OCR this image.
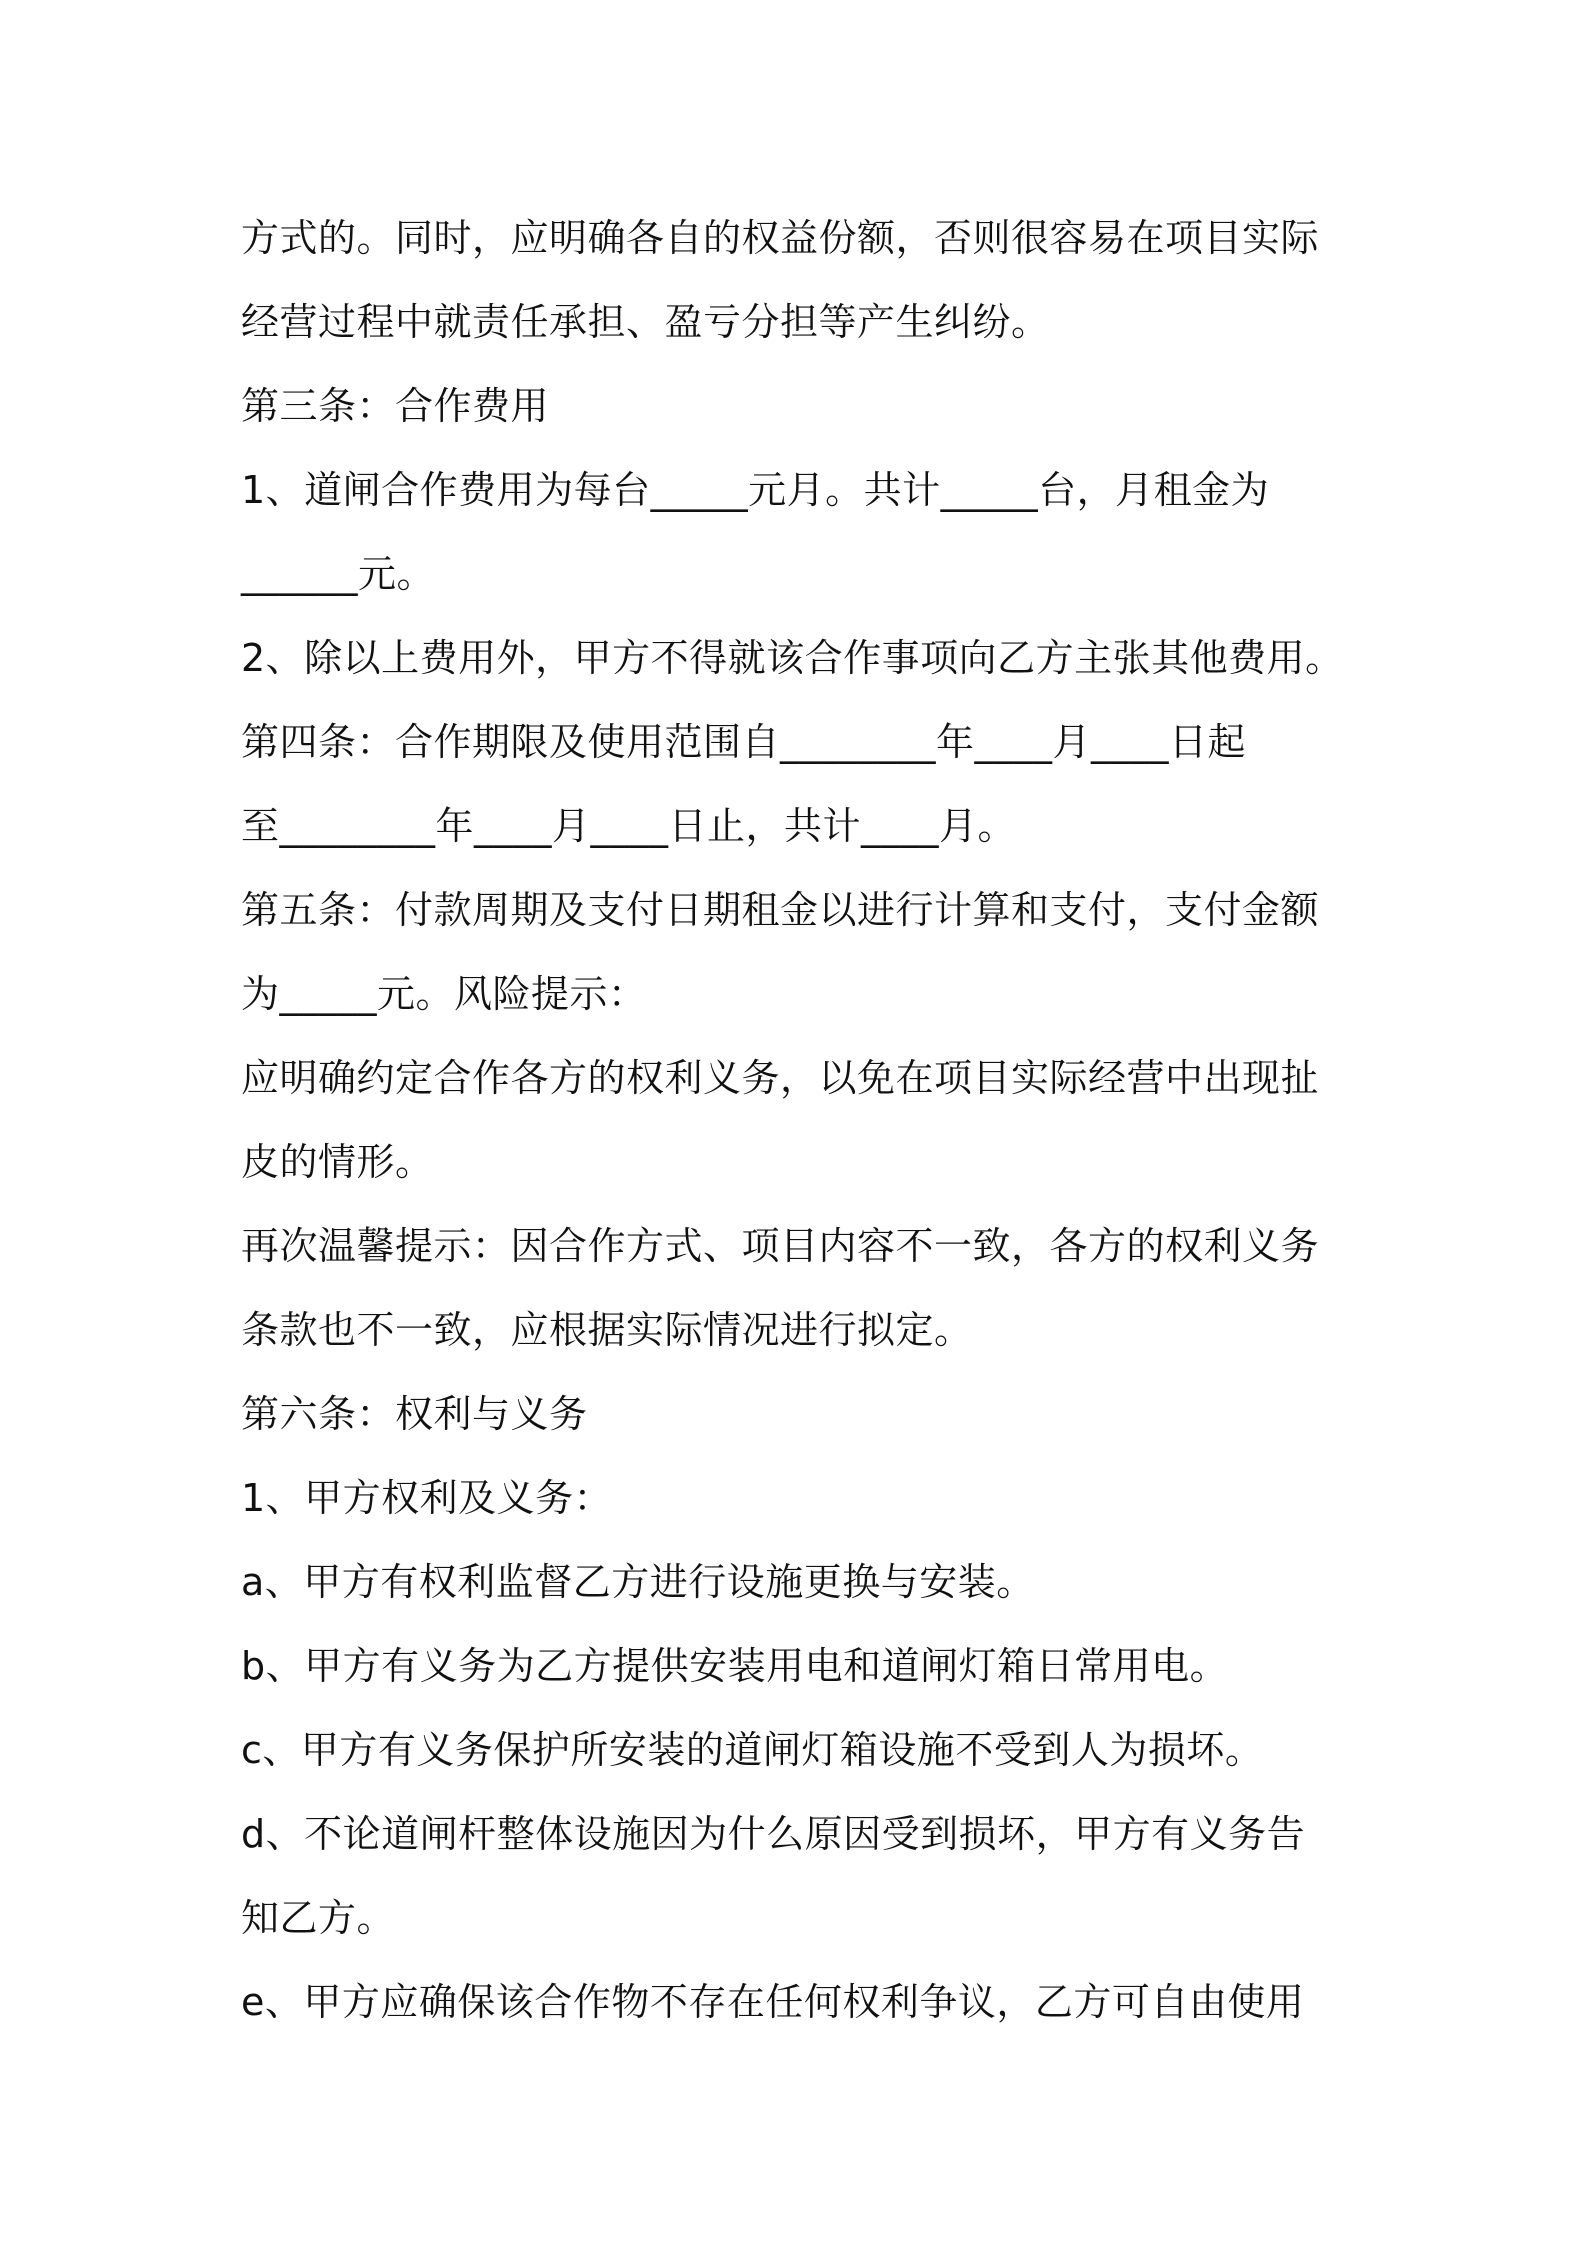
方式的。同时，应明确各自的权益份额，否则很容易在项目实际
经营过程中就责任承担、盈亏分担等产生纠纷。
第三条：合作费用
1、道闸合作费用为每台_____元月。共计_____台，月租金为
______元。
2、除以上费用外，甲方不得就该合作事项向乙方主张其他费用。
第四条：合作期限及使用范围自________年____月____日起
至________年____月____日止，共计____月。
第五条：付款周期及支付日期租金以进行计算和支付，支付金额
为_____元。风险提示：
应明确约定合作各方的权利义务，以免在项目实际经营中出现扯
皮的情形。
再次温馨提示：因合作方式、项目内容不一致，各方的权利义务
条款也不一致，应根据实际情况进行拟定。
第六条：权利与义务
1、甲方权利及义务：
a、甲方有权利监督乙方进行设施更换与安装。
b、甲方有义务为乙方提供安装用电和道闸灯箱日常用电。
c、甲方有义务保护所安装的道闸灯箱设施不受到人为损坏。
d、不论道闸杆整体设施因为什么原因受到损坏，甲方有义务告
知乙方。
e、甲方应确保该合作物不存在任何权利争议，乙方可自由使用
